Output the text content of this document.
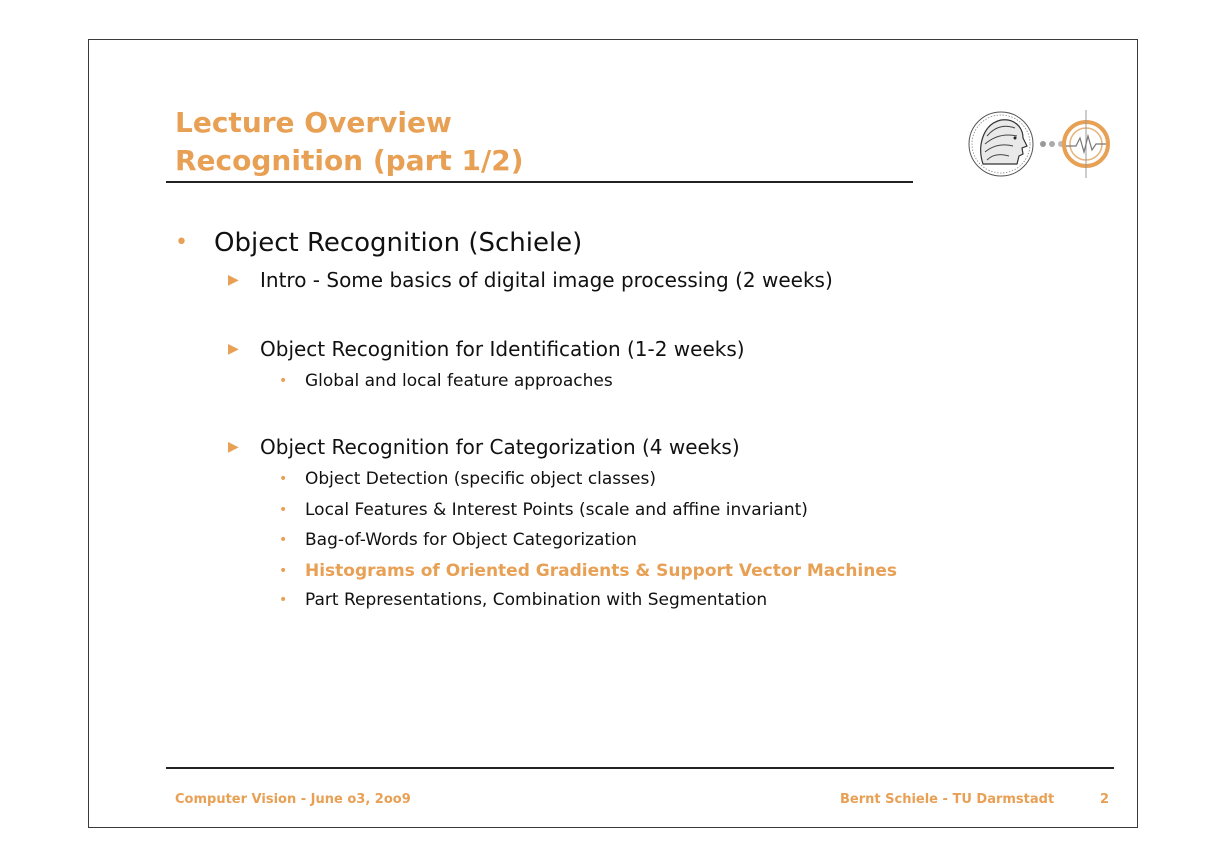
Lecture Overview
Recognition (part 1/2)
• Object Recognition (Schiele)
▶ Intro - Some basics of digital image processing (2 weeks)
▶ Object Recognition for Identification (1-2 weeks)
• Global and local feature approaches
▶ Object Recognition for Categorization (4 weeks)
• Object Detection (specific object classes)
• Local Features & Interest Points (scale and affine invariant)
• Bag-of-Words for Object Categorization
• Histograms of Oriented Gradients & Support Vector Machines
• Part Representations, Combination with Segmentation
Computer Vision - June o3, 2oo9	Bernt Schiele - TU Darmstadt	2
